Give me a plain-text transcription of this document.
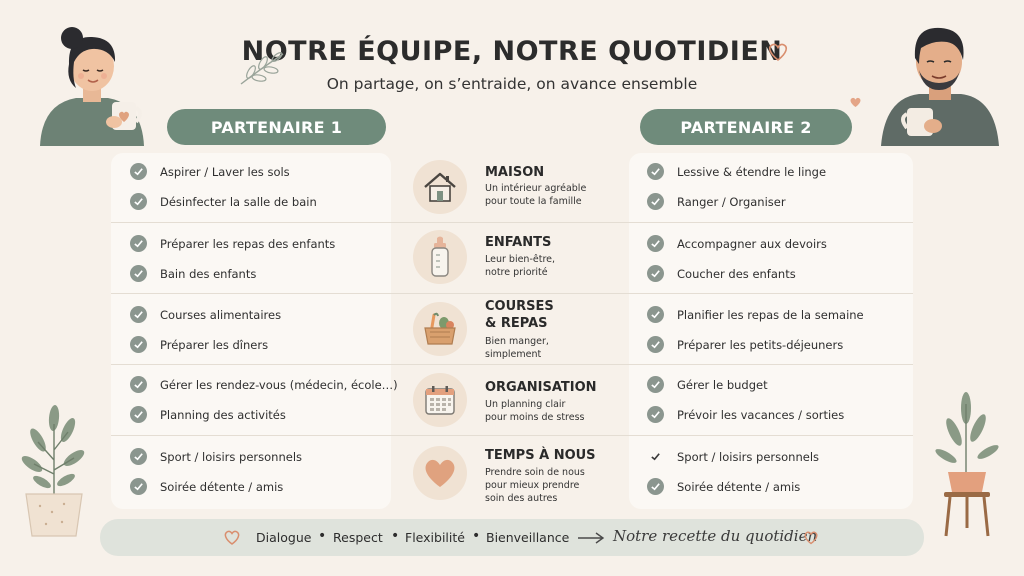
NOTRE ÉQUIPE, NOTRE QUOTIDIEN
On partage, on s’entraide, on avance ensemble
PARTENAIRE 1	PARTENAIRE 2
Aspirer / Laver les sols
Désinfecter la salle de bain
Préparer les repas des enfants
Bain des enfants
Courses alimentaires
Préparer les dîners
Gérer les rendez-vous (médecin, école…)
Planning des activités
Sport / loisirs personnels
Soirée détente / amis
Lessive & étendre le linge
Ranger / Organiser
Accompagner aux devoirs
Coucher des enfants
Planifier les repas de la semaine
Préparer les petits-déjeuners
Gérer le budget
Prévoir les vacances / sorties
Sport / loisirs personnels
Soirée détente / amis
MAISON
Un intérieur agréable
pour toute la famille
ENFANTS
Leur bien-être,
notre priorité
COURSES
& REPAS
Bien manger,
simplement
ORGANISATION
Un planning clair
pour moins de stress
TEMPS À NOUS
Prendre soin de nous
pour mieux prendre
soin des autres
Dialogue • Respect • Flexibilité • Bienveillance	Notre recette du quotidien
